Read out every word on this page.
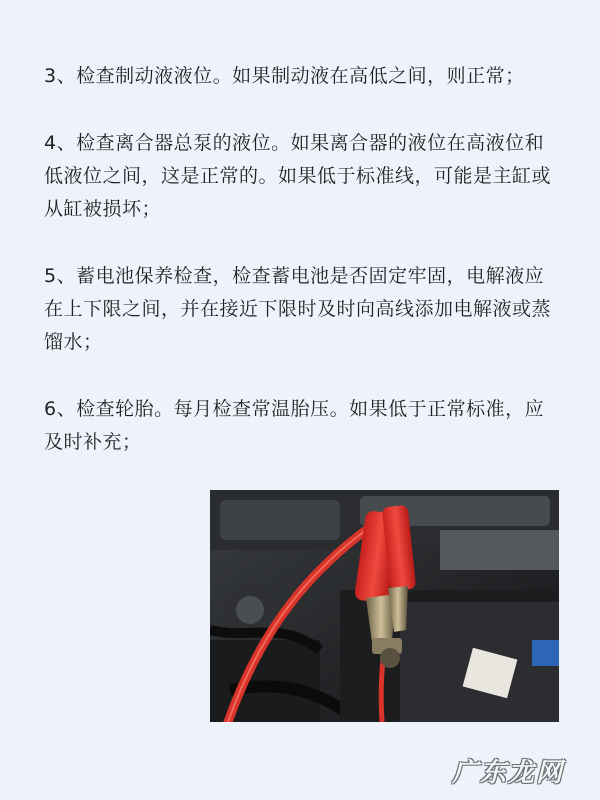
3、检查制动液液位。如果制动液在高低之间，则正常；

4、检查离合器总泵的液位。如果离合器的液位在高液位和低液位之间，这是正常的。如果低于标准线，可能是主缸或从缸被损坏；

5、蓄电池保养检查，检查蓄电池是否固定牢固，电解液应在上下限之间，并在接近下限时及时向高线添加电解液或蒸馏水；

6、检查轮胎。每月检查常温胎压。如果低于正常标准，应及时补充；

广东龙网
